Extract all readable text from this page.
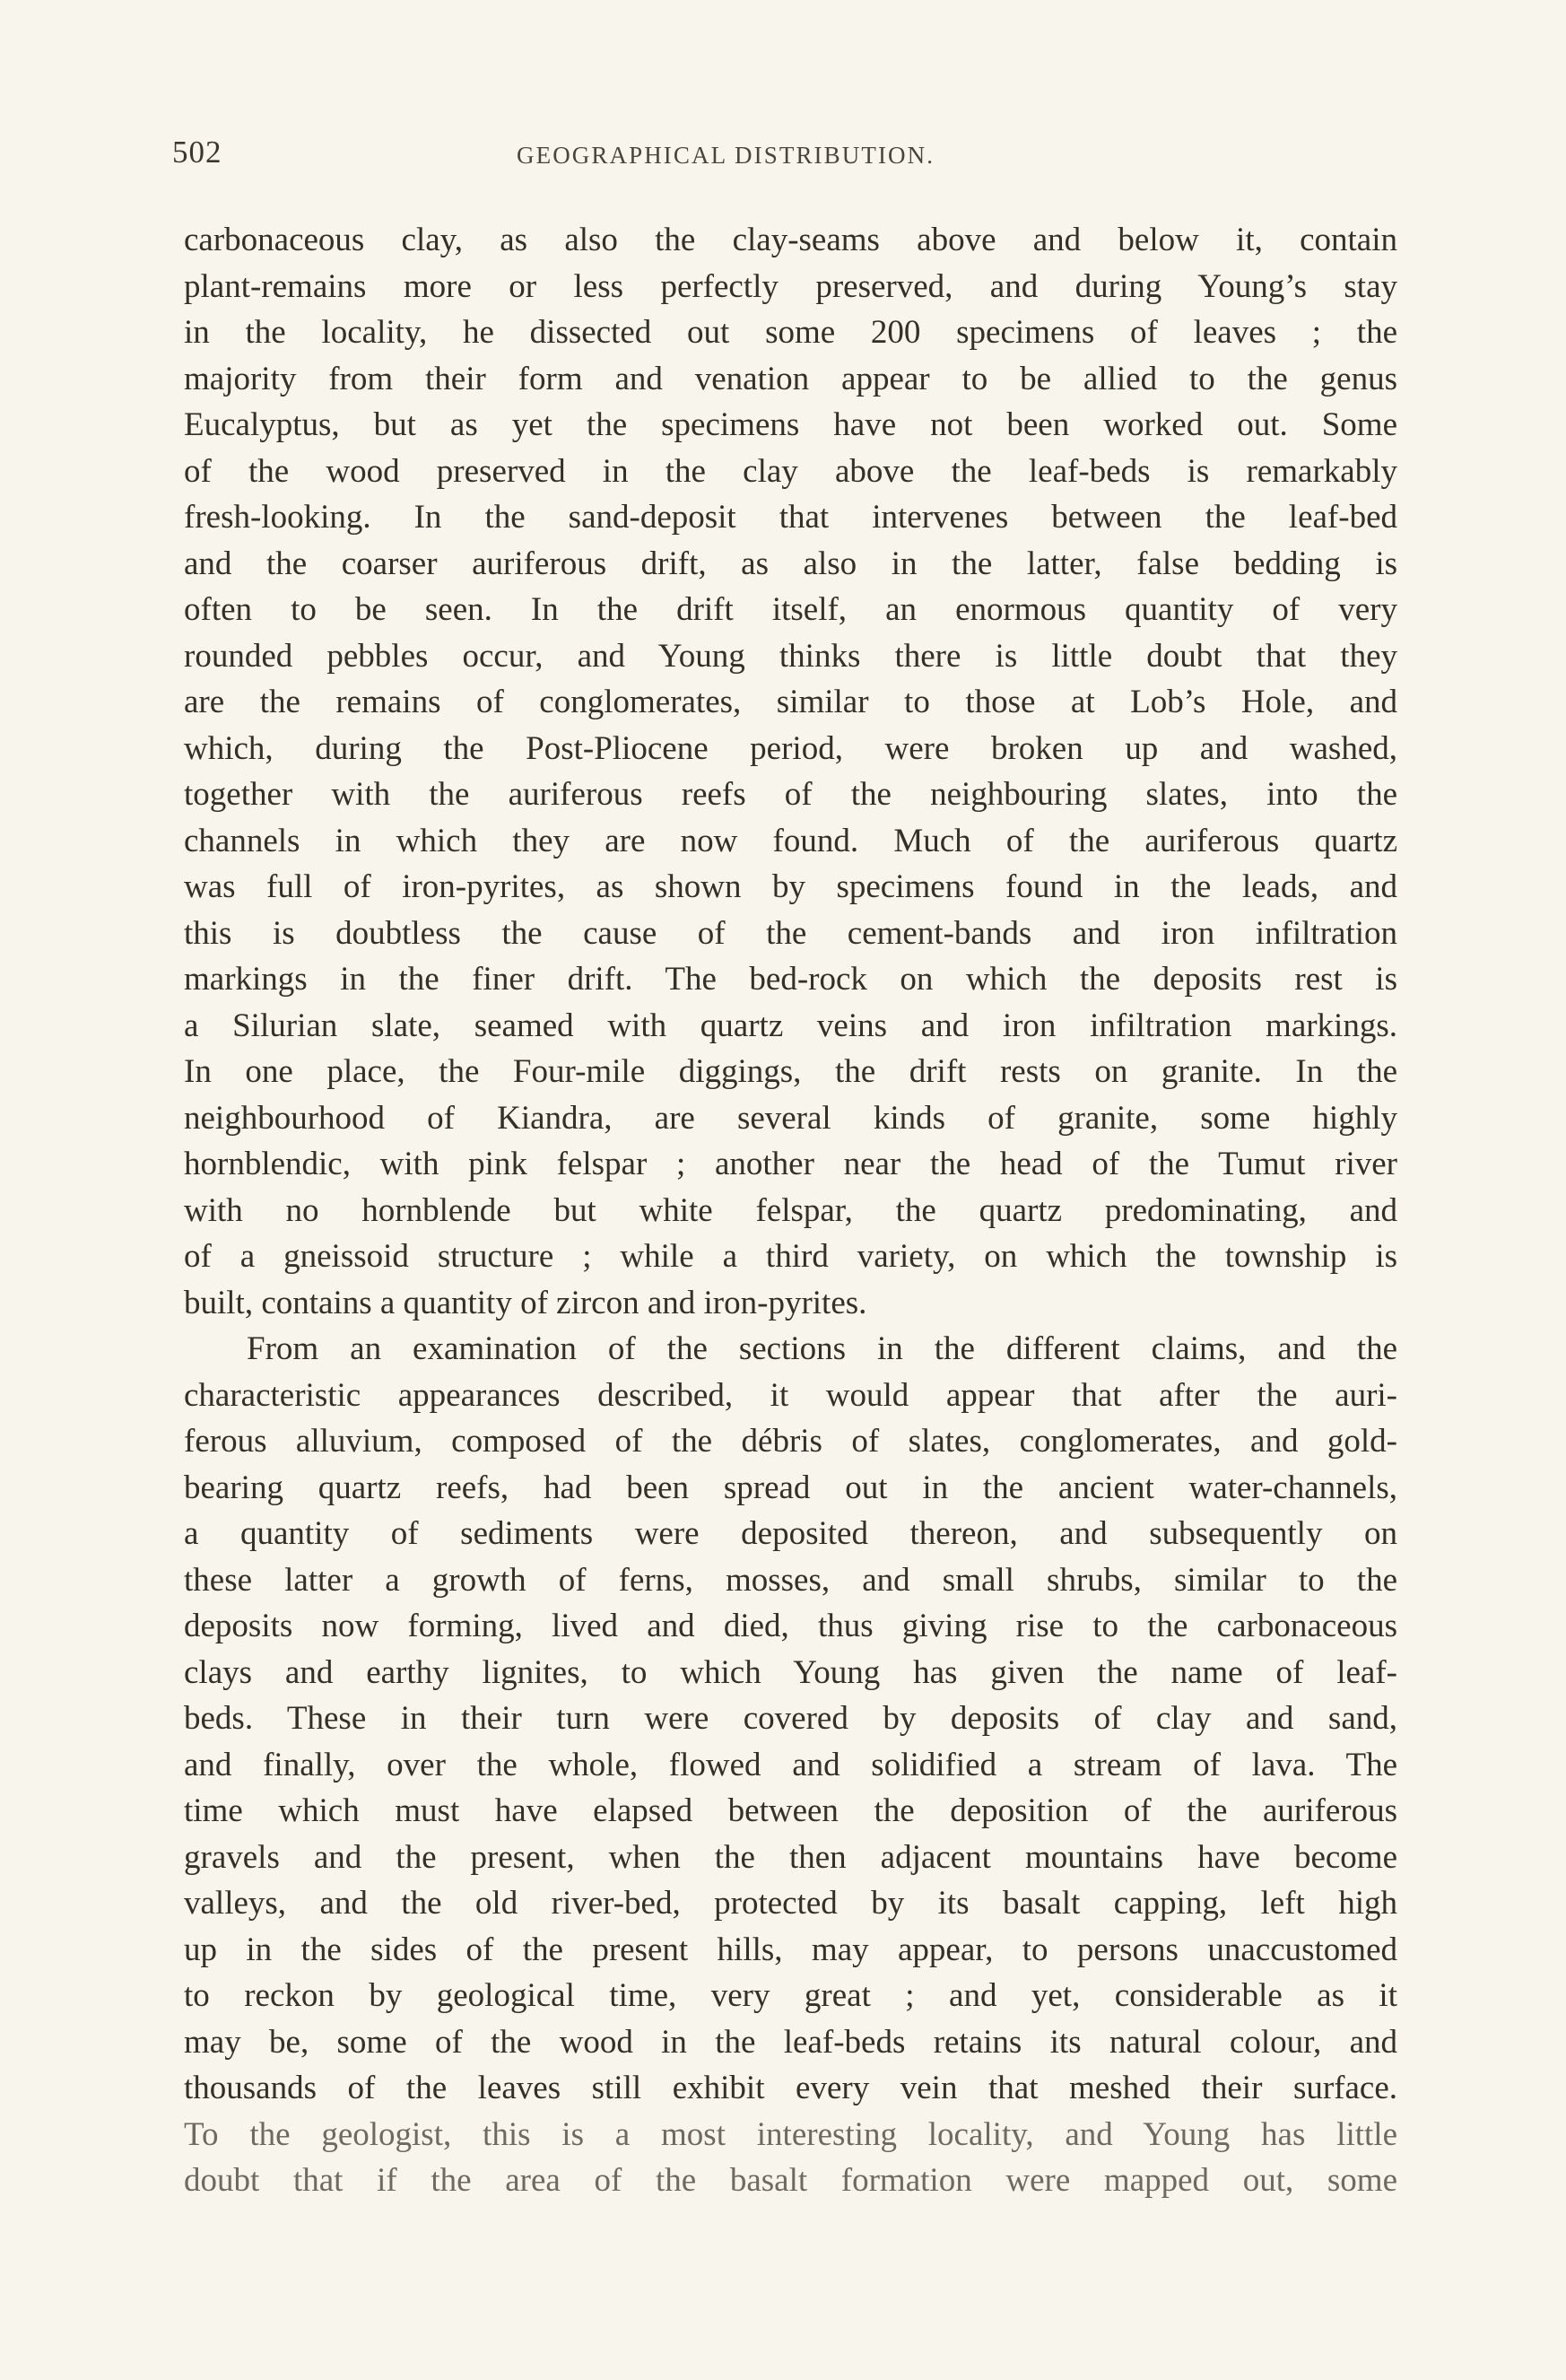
502	GEOGRAPHICAL DISTRIBUTION.
carbonaceous clay, as also the clay-seams above and below it, contain
plant-remains more or less perfectly preserved, and during Young’s stay
in the locality, he dissected out some 200 specimens of leaves ; the
majority from their form and venation appear to be allied to the genus
Eucalyptus, but as yet the specimens have not been worked out. Some
of the wood preserved in the clay above the leaf-beds is remarkably
fresh-looking. In the sand-deposit that intervenes between the leaf-bed
and the coarser auriferous drift, as also in the latter, false bedding is
often to be seen. In the drift itself, an enormous quantity of very
rounded pebbles occur, and Young thinks there is little doubt that they
are the remains of conglomerates, similar to those at Lob’s Hole, and
which, during the Post-Pliocene period, were broken up and washed,
together with the auriferous reefs of the neighbouring slates, into the
channels in which they are now found. Much of the auriferous quartz
was full of iron-pyrites, as shown by specimens found in the leads, and
this is doubtless the cause of the cement-bands and iron infiltration
markings in the finer drift. The bed-rock on which the deposits rest is
a Silurian slate, seamed with quartz veins and iron infiltration markings.
In one place, the Four-mile diggings, the drift rests on granite. In the
neighbourhood of Kiandra, are several kinds of granite, some highly
hornblendic, with pink felspar ; another near the head of the Tumut river
with no hornblende but white felspar, the quartz predominating, and
of a gneissoid structure ; while a third variety, on which the township is
built, contains a quantity of zircon and iron-pyrites.
From an examination of the sections in the different claims, and the
characteristic appearances described, it would appear that after the auri-
ferous alluvium, composed of the débris of slates, conglomerates, and gold-
bearing quartz reefs, had been spread out in the ancient water-channels,
a quantity of sediments were deposited thereon, and subsequently on
these latter a growth of ferns, mosses, and small shrubs, similar to the
deposits now forming, lived and died, thus giving rise to the carbonaceous
clays and earthy lignites, to which Young has given the name of leaf-
beds. These in their turn were covered by deposits of clay and sand,
and finally, over the whole, flowed and solidified a stream of lava. The
time which must have elapsed between the deposition of the auriferous
gravels and the present, when the then adjacent mountains have become
valleys, and the old river-bed, protected by its basalt capping, left high
up in the sides of the present hills, may appear, to persons unaccustomed
to reckon by geological time, very great ; and yet, considerable as it
may be, some of the wood in the leaf-beds retains its natural colour, and
thousands of the leaves still exhibit every vein that meshed their surface.
To the geologist, this is a most interesting locality, and Young has little
doubt that if the area of the basalt formation were mapped out, some
